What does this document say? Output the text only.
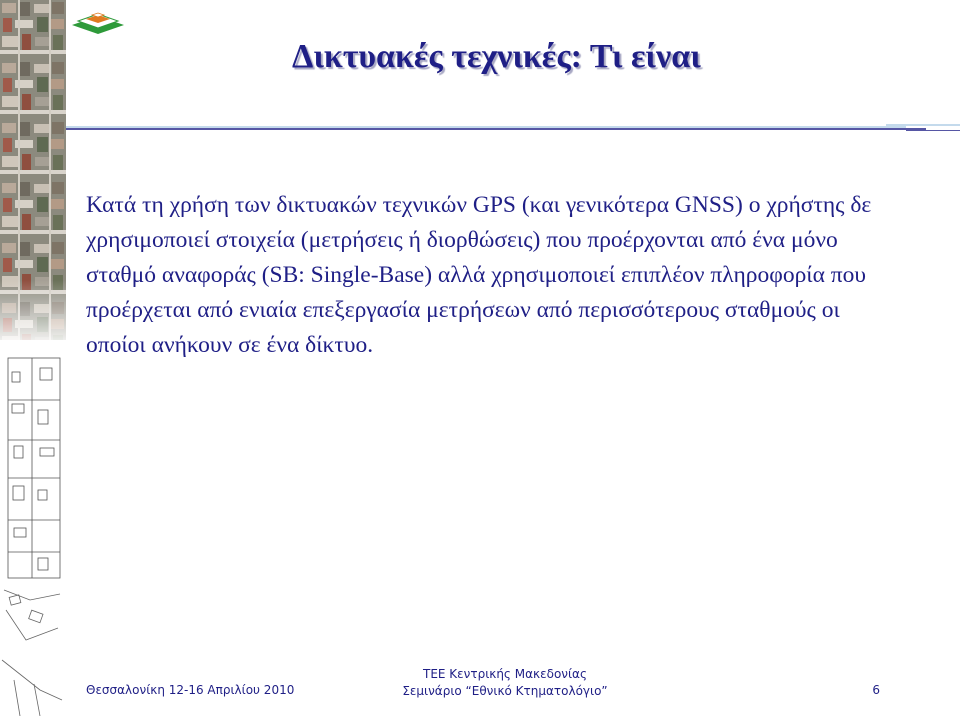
Δικτυακές τεχνικές: Τι είναι

Κατά τη χρήση των δικτυακών τεχνικών GPS (και γενικότερα GNSS) ο χρήστης δε χρησιμοποιεί στοιχεία (μετρήσεις ή διορθώσεις) που προέρχονται από ένα μόνο σταθμό αναφοράς (SB: Single-Base) αλλά χρησιμοποιεί επιπλέον πληροφορία που προέρχεται από ενιαία επεξεργασία μετρήσεων από περισσότερους σταθμούς οι οποίοι ανήκουν σε ένα δίκτυο.

Θεσσαλονίκη 12-16 Απριλίου 2010
ΤΕΕ Κεντρικής Μακεδονίας
Σεμινάριο “Εθνικό Κτηματολόγιο”	6
